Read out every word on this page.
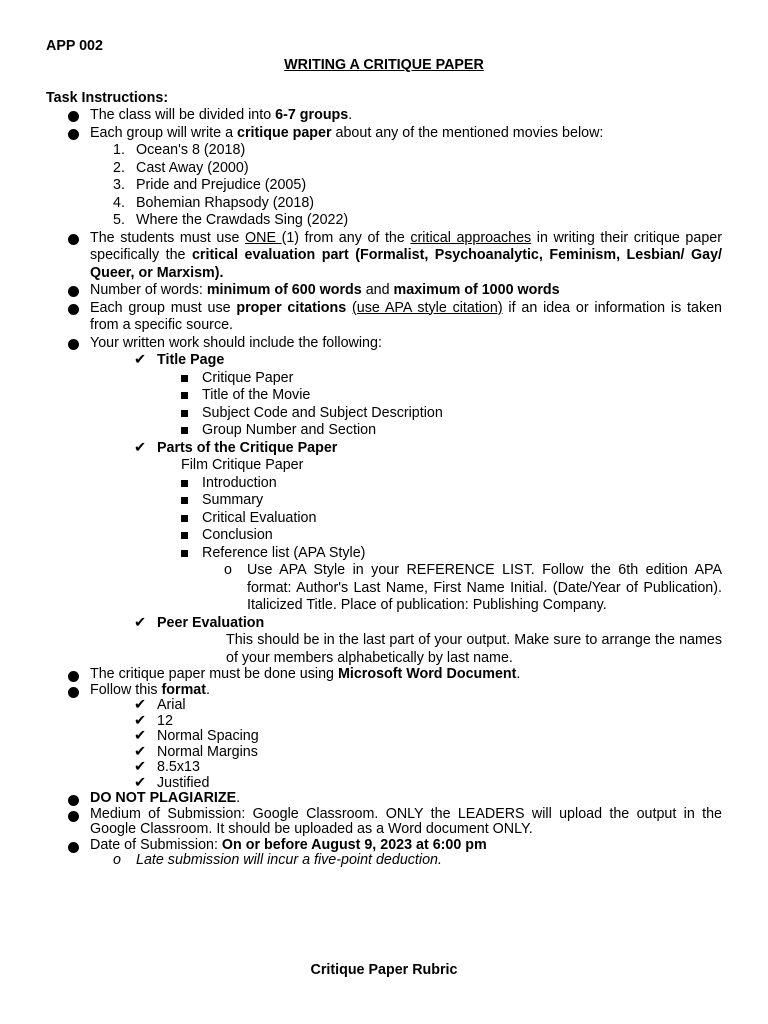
APP 002
WRITING A CRITIQUE PAPER
Task Instructions:
The class will be divided into 6-7 groups.
Each group will write a critique paper about any of the mentioned movies below:
1. Ocean's 8 (2018)
2. Cast Away (2000)
3. Pride and Prejudice (2005)
4. Bohemian Rhapsody (2018)
5. Where the Crawdads Sing (2022)
The students must use ONE (1) from any of the critical approaches in writing their critique paper specifically the critical evaluation part (Formalist, Psychoanalytic, Feminism, Lesbian/ Gay/ Queer, or Marxism).
Number of words: minimum of 600 words and maximum of 1000 words
Each group must use proper citations (use APA style citation) if an idea or information is taken from a specific source.
Your written work should include the following:
✔ Title Page
Critique Paper
Title of the Movie
Subject Code and Subject Description
Group Number and Section
✔ Parts of the Critique Paper
Film Critique Paper
Introduction
Summary
Critical Evaluation
Conclusion
Reference list (APA Style)
o Use APA Style in your REFERENCE LIST. Follow the 6th edition APA format: Author's Last Name, First Name Initial. (Date/Year of Publication). Italicized Title. Place of publication: Publishing Company.
✔ Peer Evaluation
This should be in the last part of your output. Make sure to arrange the names of your members alphabetically by last name.
The critique paper must be done using Microsoft Word Document.
Follow this format.
✔ Arial
✔ 12
✔ Normal Spacing
✔ Normal Margins
✔ 8.5x13
✔ Justified
DO NOT PLAGIARIZE.
Medium of Submission: Google Classroom. ONLY the LEADERS will upload the output in the Google Classroom. It should be uploaded as a Word document ONLY.
Date of Submission: On or before August 9, 2023 at 6:00 pm
o Late submission will incur a five-point deduction.
Critique Paper Rubric
